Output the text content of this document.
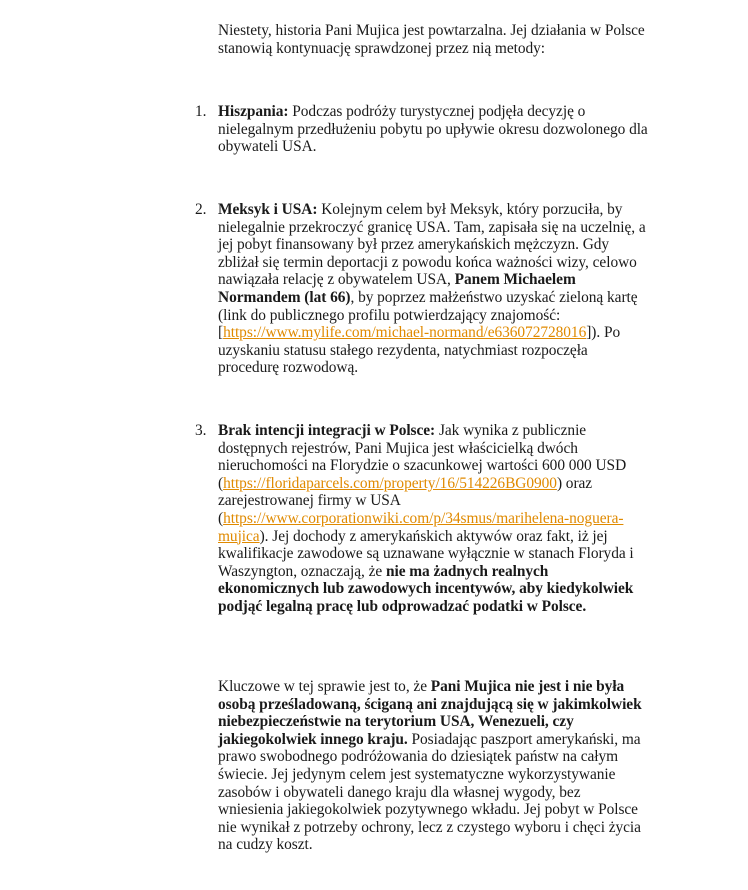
Niestety, historia Pani Mujica jest powtarzalna. Jej działania w Polsce stanowią kontynuację sprawdzonej przez nią metody:

1. Hiszpania: Podczas podróży turystycznej podjęła decyzję o nielegalnym przedłużeniu pobytu po upływie okresu dozwolonego dla obywateli USA.
2. Meksyk i USA: Kolejnym celem był Meksyk, który porzuciła, by nielegalnie przekroczyć granicę USA. Tam, zapisała się na uczelnię, a jej pobyt finansowany był przez amerykańskich mężczyzn. Gdy zbliżał się termin deportacji z powodu końca ważności wizy, celowo nawiązała relację z obywatelem USA, Panem Michaelem Normandem (lat 66), by poprzez małżeństwo uzyskać zieloną kartę (link do publicznego profilu potwierdzający znajomość: [https://www.mylife.com/michael-normand/e636072728016]). Po uzyskaniu statusu stałego rezydenta, natychmiast rozpoczęła procedurę rozwodową.
3. Brak intencji integracji w Polsce: Jak wynika z publicznie dostępnych rejestrów, Pani Mujica jest właścicielką dwóch nieruchomości na Florydzie o szacunkowej wartości 600 000 USD (https://floridaparcels.com/property/16/514226BG0900) oraz zarejestrowanej firmy w USA (https://www.corporationwiki.com/p/34smus/marihelena-noguera-mujica). Jej dochody z amerykańskich aktywów oraz fakt, iż jej kwalifikacje zawodowe są uznawane wyłącznie w stanach Floryda i Waszyngton, oznaczają, że nie ma żadnych realnych ekonomicznych lub zawodowych incentywów, aby kiedykolwiek podjąć legalną pracę lub odprowadzać podatki w Polsce.

Kluczowe w tej sprawie jest to, że Pani Mujica nie jest i nie była osobą prześladowaną, ściganą ani znajdującą się w jakimkolwiek niebezpieczeństwie na terytorium USA, Wenezueli, czy jakiegokolwiek innego kraju. Posiadając paszport amerykański, ma prawo swobodnego podróżowania do dziesiątek państw na całym świecie. Jej jedynym celem jest systematyczne wykorzystywanie zasobów i obywateli danego kraju dla własnej wygody, bez wniesienia jakiegokolwiek pozytywnego wkładu. Jej pobyt w Polsce nie wynikał z potrzeby ochrony, lecz z czystego wyboru i chęci życia na cudzy koszt.
